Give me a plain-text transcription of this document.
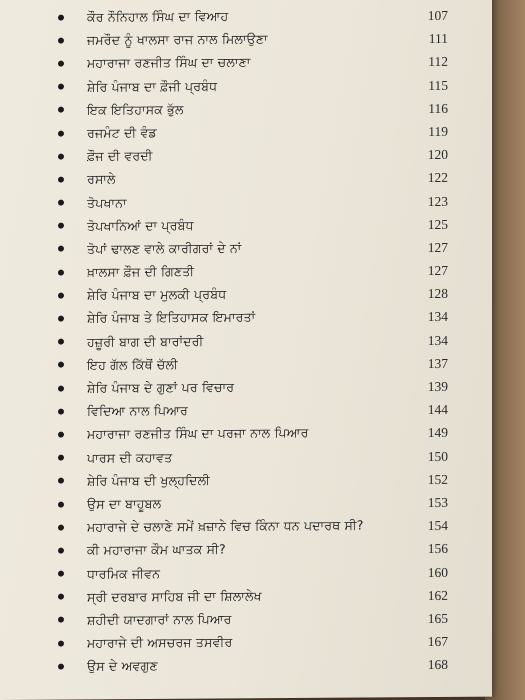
ਕੌਰ ਨੌਨਿਹਾਲ ਸਿੰਘ ਦਾ ਵਿਆਹ	107
ਜਮਰੌਦ ਨੂੰ ਖਾਲਸਾ ਰਾਜ ਨਾਲ ਮਿਲਾਉਣਾ	111
ਮਹਾਰਾਜਾ ਰਣਜੀਤ ਸਿੰਘ ਦਾ ਚਲਾਣਾ	112
ਸ਼ੇਰਿ ਪੰਜਾਬ ਦਾ ਫ਼ੌਜੀ ਪ੍ਰਬੰਧ	115
ਇਕ ਇਤਿਹਾਸਕ ਭੁੱਲ	116
ਰਜਮੰਟ ਦੀ ਵੰਡ	119
ਫ਼ੌਜ ਦੀ ਵਰਦੀ	120
ਰਸਾਲੇ	122
ਤੋਪਖਾਨਾ	123
ਤੋਪਖਾਨਿਆਂ ਦਾ ਪ੍ਰਬੰਧ	125
ਤੋਪਾਂ ਢਾਲਣ ਵਾਲੇ ਕਾਰੀਗਰਾਂ ਦੇ ਨਾਂ	127
ਖ਼ਾਲਸਾ ਫ਼ੌਜ ਦੀ ਗਿਣਤੀ	127
ਸ਼ੇਰਿ ਪੰਜਾਬ ਦਾ ਮੁਲਕੀ ਪ੍ਰਬੰਧ	128
ਸ਼ੇਰਿ ਪੰਜਾਬ ਤੇ ਇਤਿਹਾਸਕ ਇਮਾਰਤਾਂ	134
ਹਜ਼ੂਰੀ ਬਾਗ ਦੀ ਬਾਰਾਂਦਰੀ	134
ਇਹ ਗੱਲ ਕਿੱਥੋਂ ਚੱਲੀ	137
ਸ਼ੇਰਿ ਪੰਜਾਬ ਦੇ ਗੁਣਾਂ ਪਰ ਵਿਚਾਰ	139
ਵਿਦਿਆ ਨਾਲ ਪਿਆਰ	144
ਮਹਾਰਾਜਾ ਰਣਜੀਤ ਸਿੰਘ ਦਾ ਪਰਜਾ ਨਾਲ ਪਿਆਰ	149
ਪਾਰਸ ਦੀ ਕਹਾਵਤ	150
ਸ਼ੇਰਿ ਪੰਜਾਬ ਦੀ ਖੁਲ੍ਹਦਿਲੀ	152
ਉਸ ਦਾ ਬਾਹੂਬਲ	153
ਮਹਾਰਾਜੇ ਦੇ ਚਲਾਣੇ ਸਮੇਂ ਖ਼ਜ਼ਾਨੇ ਵਿਚ ਕਿੰਨਾ ਧਨ ਪਦਾਰਥ ਸੀ?	154
ਕੀ ਮਹਾਰਾਜਾ ਕੌਮ ਘਾਤਕ ਸੀ?	156
ਧਾਰਮਿਕ ਜੀਵਨ	160
ਸ੍ਰੀ ਦਰਬਾਰ ਸਾਹਿਬ ਜੀ ਦਾ ਸ਼ਿਲਾਲੇਖ	162
ਸ਼ਹੀਦੀ ਯਾਦਗਾਰਾਂ ਨਾਲ ਪਿਆਰ	165
ਮਹਾਰਾਜੇ ਦੀ ਅਸਚਰਜ ਤਸਵੀਰ	167
ਉਸ ਦੇ ਅਵਗੁਣ	168
